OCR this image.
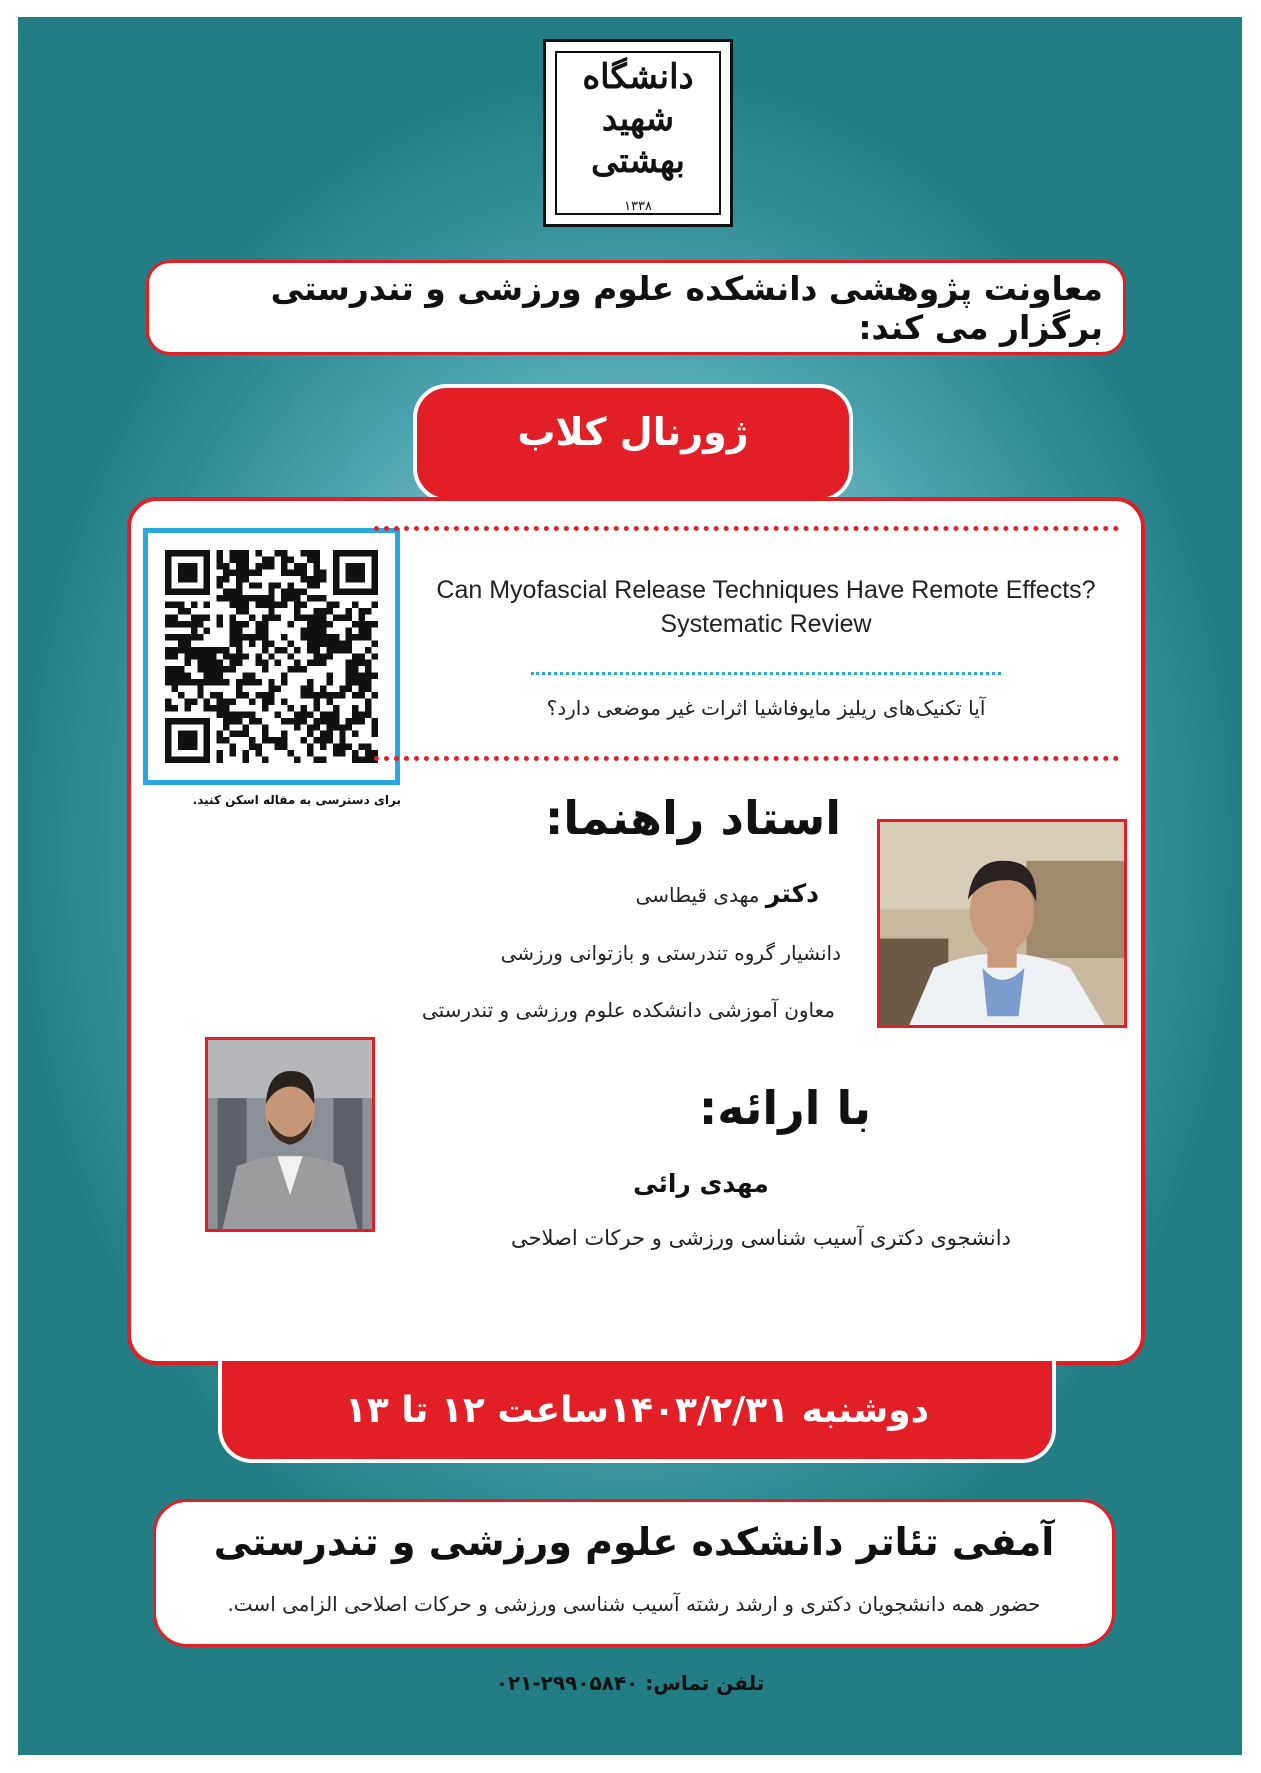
دانشگاه
شهید
بهشتی
۱۳۳۸
معاونت پژوهشی دانشکده علوم ورزشی و تندرستی برگزار می کند:
ژورنال کلاب
برای دسترسی به مقاله اسکن کنید.
Can Myofascial Release Techniques Have Remote Effects?
Systematic Review
آیا تکنیک‌های ریلیز مایوفاشیا اثرات غیر موضعی دارد؟
استاد راهنما:
دکتر مهدی قیطاسی
دانشیار گروه تندرستی و بازتوانی ورزشی
معاون آموزشی دانشکده علوم ورزشی و تندرستی
با ارائه:
مهدی رائی
دانشجوی دکتری آسیب شناسی ورزشی و حرکات اصلاحی
دوشنبه ۱۴۰۳/۲/۳۱ساعت ۱۲ تا ۱۳
آمفی تئاتر دانشکده علوم ورزشی و تندرستی
حضور همه دانشجویان دکتری و ارشد رشته آسیب شناسی ورزشی و حرکات اصلاحی الزامی است.
تلفن تماس: ۰۲۱-۲۹۹۰۵۸۴۰
